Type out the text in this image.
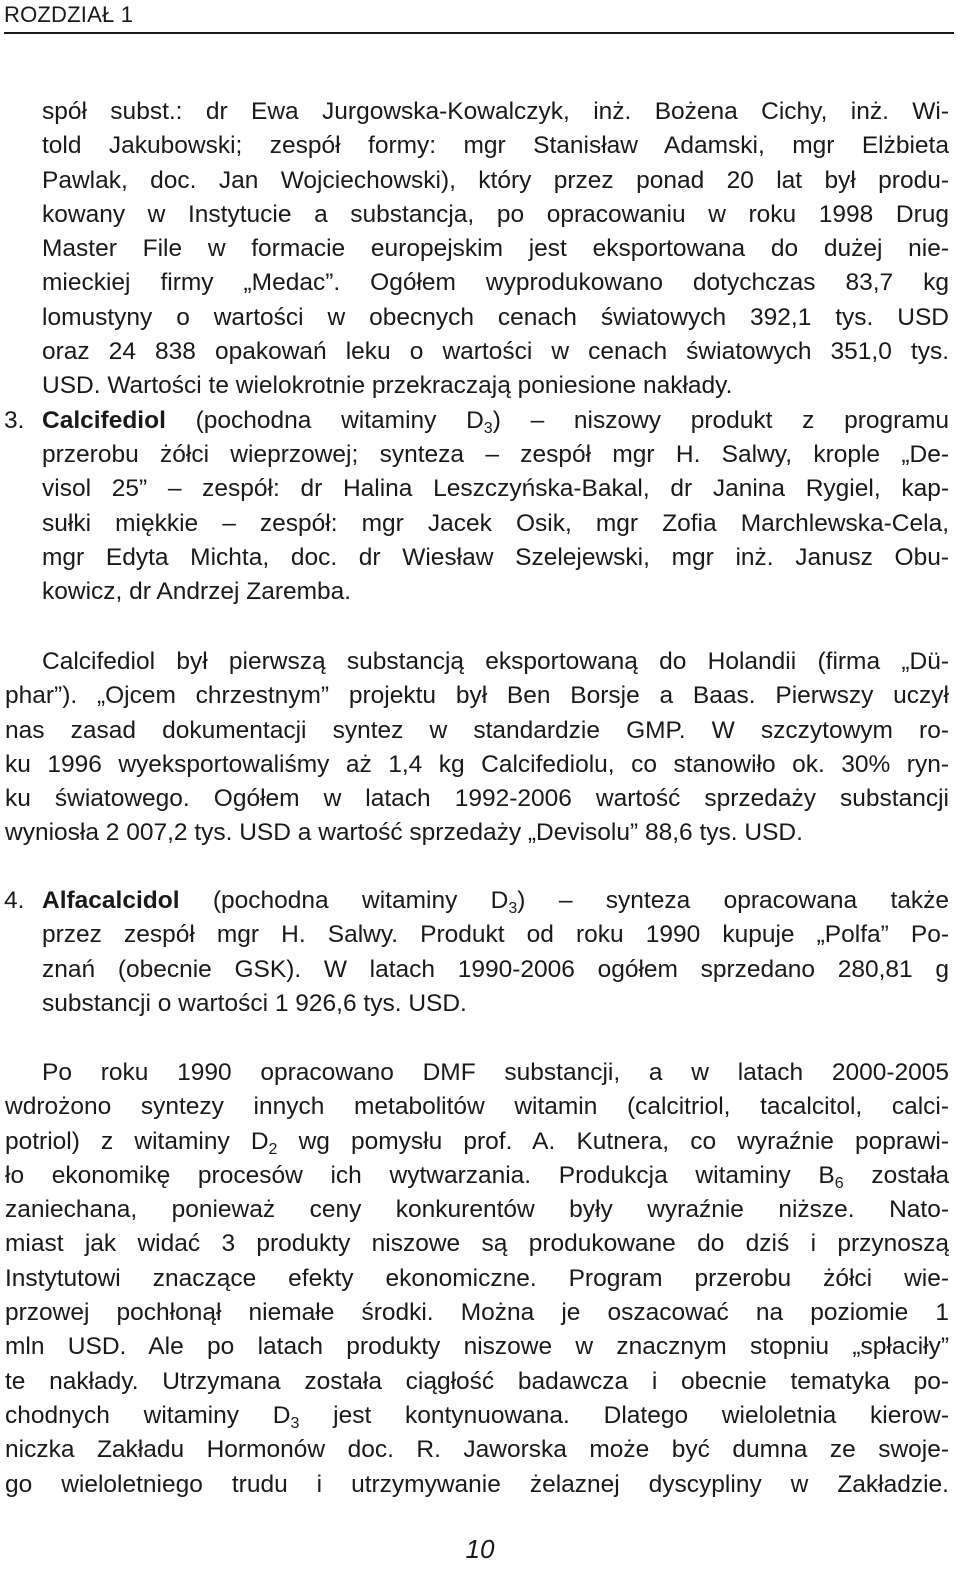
ROZDZIAŁ 1
spół subst.: dr Ewa Jurgowska-Kowalczyk, inż. Bożena Cichy, inż. Wi-
told Jakubowski; zespół formy: mgr Stanisław Adamski, mgr Elżbieta
Pawlak, doc. Jan Wojciechowski), który przez ponad 20 lat był produ-
kowany w Instytucie a substancja, po opracowaniu w roku 1998 Drug
Master File w formacie europejskim jest eksportowana do dużej nie-
mieckiej firmy „Medac”. Ogółem wyprodukowano dotychczas 83,7 kg
lomustyny o wartości w obecnych cenach światowych 392,1 tys. USD
oraz 24 838 opakowań leku o wartości w cenach światowych 351,0 tys.
USD. Wartości te wielokrotnie przekraczają poniesione nakłady.
3. Calcifediol (pochodna witaminy $D_3$) – niszowy produkt z programu
przerobu żółci wieprzowej; synteza – zespół mgr H. Salwy, krople „De-
visol 25” – zespół: dr Halina Leszczyńska-Bakal, dr Janina Rygiel, kap-
sułki miękkie – zespół: mgr Jacek Osik, mgr Zofia Marchlewska-Cela,
mgr Edyta Michta, doc. dr Wiesław Szelejewski, mgr inż. Janusz Obu-
kowicz, dr Andrzej Zaremba.
Calcifediol był pierwszą substancją eksportowaną do Holandii (firma „Dü-
phar”). „Ojcem chrzestnym” projektu był Ben Borsje a Baas. Pierwszy uczył
nas zasad dokumentacji syntez w standardzie GMP. W szczytowym ro-
ku 1996 wyeksportowaliśmy aż 1,4 kg Calcifediolu, co stanowiło ok. 30% ryn-
ku światowego. Ogółem w latach 1992-2006 wartość sprzedaży substancji
wyniosła 2 007,2 tys. USD a wartość sprzedaży „Devisolu” 88,6 tys. USD.
4. Alfacalcidol (pochodna witaminy $D_3$) – synteza opracowana także
przez zespół mgr H. Salwy. Produkt od roku 1990 kupuje „Polfa” Po-
znań (obecnie GSK). W latach 1990-2006 ogółem sprzedano 280,81 g
substancji o wartości 1 926,6 tys. USD.
Po roku 1990 opracowano DMF substancji, a w latach 2000-2005
wdrożono syntezy innych metabolitów witamin (calcitriol, tacalcitol, calci-
potriol) z witaminy $D_2$ wg pomysłu prof. A. Kutnera, co wyraźnie poprawi-
ło ekonomikę procesów ich wytwarzania. Produkcja witaminy $B_6$ została
zaniechana, ponieważ ceny konkurentów były wyraźnie niższe. Nato-
miast jak widać 3 produkty niszowe są produkowane do dziś i przynoszą
Instytutowi znaczące efekty ekonomiczne. Program przerobu żółci wie-
przowej pochłonął niemałe środki. Można je oszacować na poziomie 1
mln USD. Ale po latach produkty niszowe w znacznym stopniu „spłaciły”
te nakłady. Utrzymana została ciągłość badawcza i obecnie tematyka po-
chodnych witaminy $D_3$ jest kontynuowana. Dlatego wieloletnia kierow-
niczka Zakładu Hormonów doc. R. Jaworska może być dumna ze swoje-
go wieloletniego trudu i utrzymywanie żelaznej dyscypliny w Zakładzie.
10
